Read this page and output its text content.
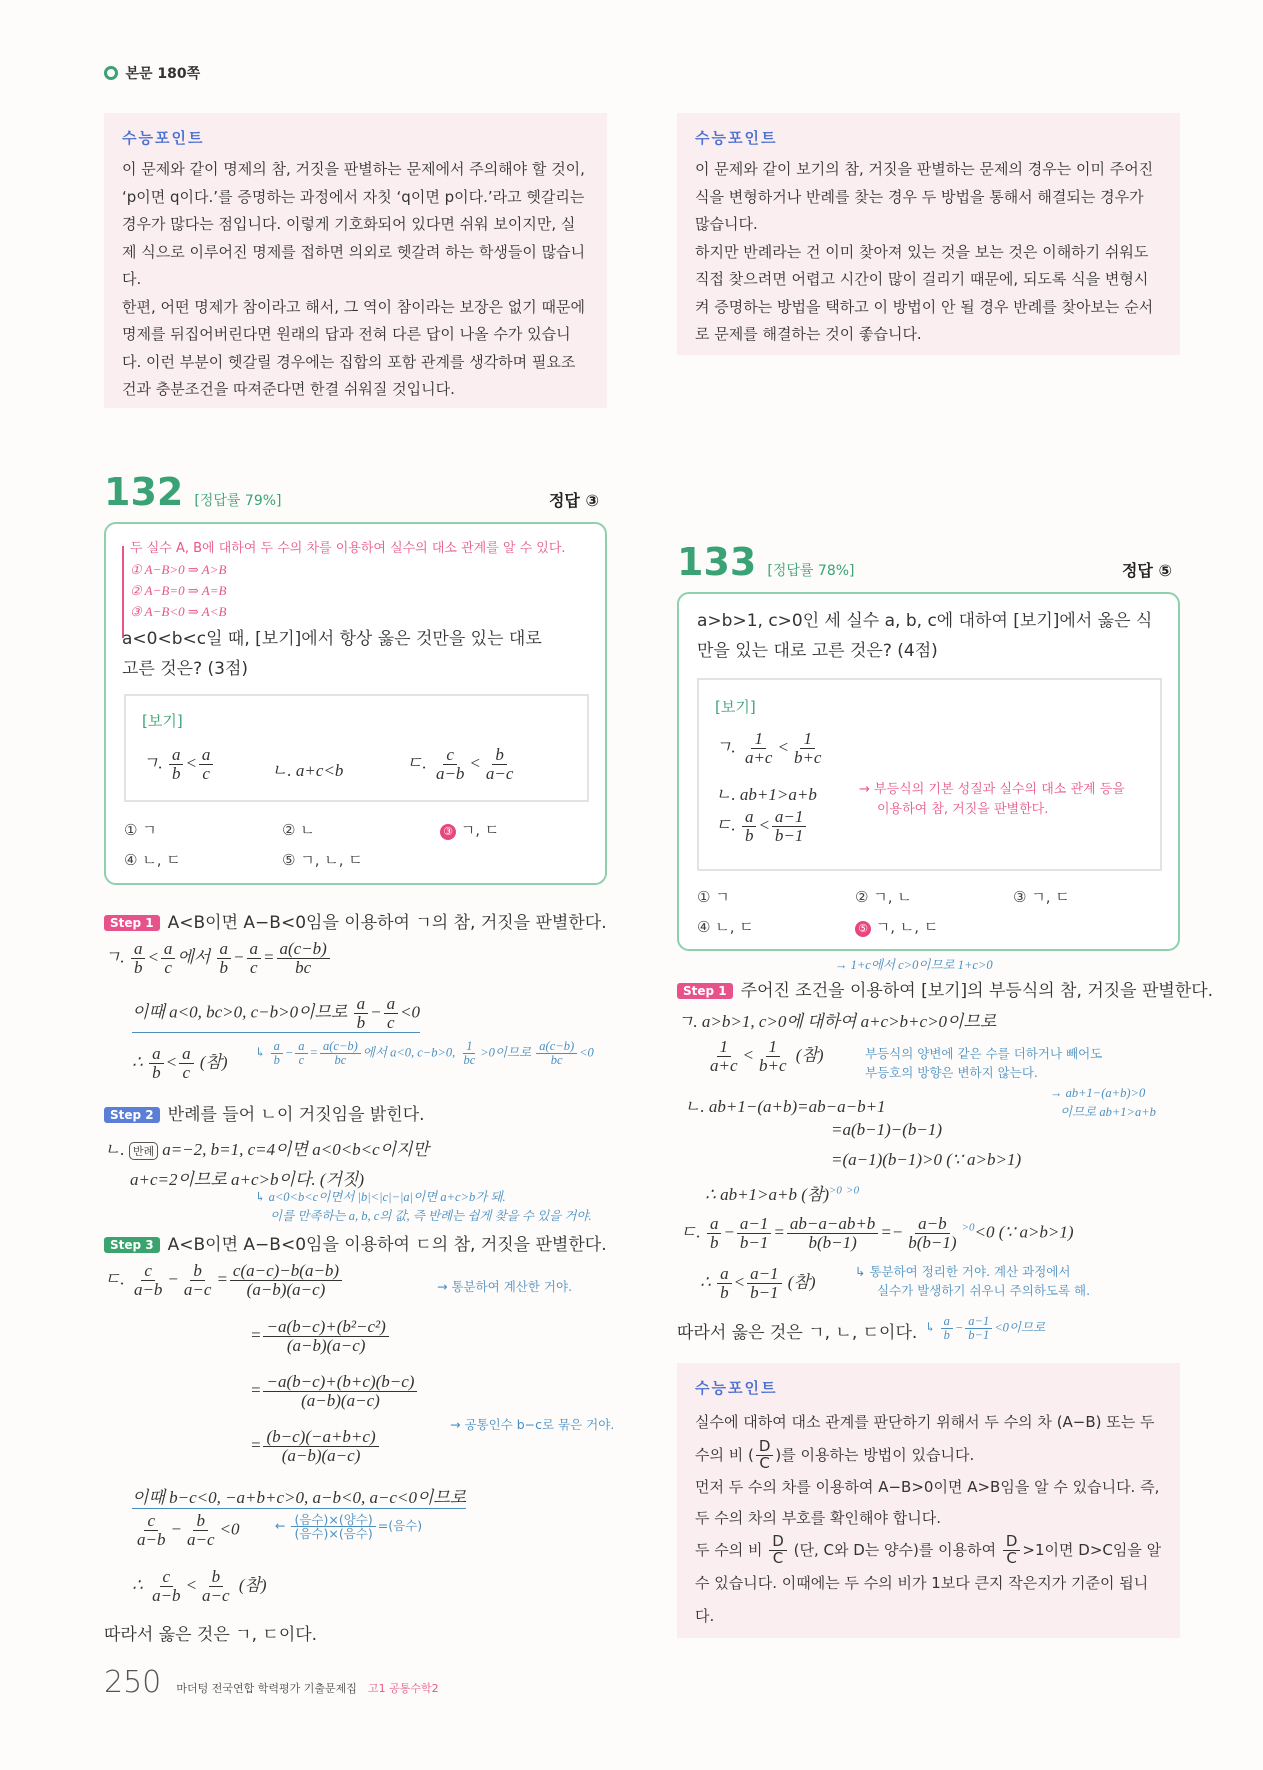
본문 180쪽
수능포인트

이 문제와 같이 명제의 참, 거짓을 판별하는 문제에서 주의해야 할 것이, ‘p이면 q이다.’를 증명하는 과정에서 자칫 ‘q이면 p이다.’라고 헷갈리는 경우가 많다는 점입니다. 이렇게 기호화되어 있다면 쉬워 보이지만, 실제 식으로 이루어진 명제를 접하면 의외로 헷갈려 하는 학생들이 많습니다.

한편, 어떤 명제가 참이라고 해서, 그 역이 참이라는 보장은 없기 때문에 명제를 뒤집어버린다면 원래의 답과 전혀 다른 답이 나올 수가 있습니다. 이런 부분이 헷갈릴 경우에는 집합의 포함 관계를 생각하며 필요조건과 충분조건을 따져준다면 한결 쉬워질 것입니다.

수능포인트

이 문제와 같이 보기의 참, 거짓을 판별하는 문제의 경우는 이미 주어진 식을 변형하거나 반례를 찾는 경우 두 방법을 통해서 해결되는 경우가 많습니다.

하지만 반례라는 건 이미 찾아져 있는 것을 보는 것은 이해하기 쉬워도 직접 찾으려면 어렵고 시간이 많이 걸리기 때문에, 되도록 식을 변형시켜 증명하는 방법을 택하고 이 방법이 안 될 경우 반례를 찾아보는 순서로 문제를 해결하는 것이 좋습니다.

132 [정답률 79%]	정답 ③
두 실수 A, B에 대하여 두 수의 차를 이용하여 실수의 대소 관계를 알 수 있다.
① A−B>0 ⇒ A>B
② A−B=0 ⇒ A=B
③ A−B<0 ⇒ A<B
a<0<b<c일 때, [보기]에서 항상 옳은 것만을 있는 대로 고른 것은? (3점)
[보기]
ㄱ. $\frac{a}{b} < \frac{a}{c}$	ㄴ. a+c<b	ㄷ. $\frac{c}{a-b} < \frac{b}{a-c}$
① ㄱ	② ㄴ	③ ㄱ, ㄷ
④ ㄴ, ㄷ	⑤ ㄱ, ㄴ, ㄷ
Step 1 A<B이면 A−B<0임을 이용하여 ㄱ의 참, 거짓을 판별한다.
ㄱ. $\frac{a}{b} < \frac{a}{c}$ 에서 $\frac{a}{b} - \frac{a}{c} = \frac{a(c-b)}{bc}$
이때 a<0, bc>0, c−b>0이므로 $\frac{a}{b} - \frac{a}{c} <0$
∴ $\frac{a}{b} < \frac{a}{c}$ (참) ↳ $\frac{a}{b} - \frac{a}{c} = \frac{a(c-b)}{bc}$ 에서 a<0, c−b>0, $\frac{1}{bc} >0$이므로 $\frac{a(c-b)}{bc} <0$
Step 2 반례를 들어 ㄴ이 거짓임을 밝힌다.
ㄴ. 반례 a=−2, b=1, c=4이면 a<0<b<c이지만
a+c=2이므로 a+c>b이다. (거짓)
↳ a<0<b<c이면서 |b|<|c|−|a|이면 a+c>b가 돼.
이를 만족하는 a, b, c의 값, 즉 반례는 쉽게 찾을 수 있을 거야.
Step 3 A<B이면 A−B<0임을 이용하여 ㄷ의 참, 거짓을 판별한다.
ㄷ. $\frac{c}{a-b} - \frac{b}{a-c} = \frac{c(a-c)-b(a-b)}{(a-b)(a-c)}$	→ 통분하여 계산한 거야.
= $\frac{\text{−a(b−c)+(b²−c²)}}{(a-b)(a-c)}$
= $\frac{-a(b-c)+(b+c)(b-c)}{(a-b)(a-c)}$
→ 공통인수 b−c로 묶은 거야.
= $\frac{(b-c)(-a+b+c)}{(a-b)(a-c)}$
이때 b−c<0, −a+b+c>0, a−b<0, a−c<0이므로
$\frac{c}{a-b} - \frac{b}{a-c} <0$	← $\frac{\text{(음수)×(양수)}}{\text{(음수)×(음수)}}$ =(음수)
∴ $\frac{c}{a-b} < \frac{b}{a-c}$ (참)
따라서 옳은 것은 ㄱ, ㄷ이다.
133 [정답률 78%]	정답 ⑤
a>b>1, c>0인 세 실수 a, b, c에 대하여 [보기]에서 옳은 식만을 있는 대로 고른 것은? (4점)
[보기]
ㄱ. $\frac{1}{a+c} < \frac{1}{b+c}$
ㄴ. ab+1>a+b
ㄷ. $\frac{a}{b} < \frac{a-1}{b-1}$
→ 부등식의 기본 성질과 실수의 대소 관계 등을
이용하여 참, 거짓을 판별한다.
① ㄱ	② ㄱ, ㄴ	③ ㄱ, ㄷ
④ ㄴ, ㄷ	⑤ ㄱ, ㄴ, ㄷ
→ 1+c에서 c>0이므로 1+c>0
Step 1 주어진 조건을 이용하여 [보기]의 부등식의 참, 거짓을 판별한다.
ㄱ. a>b>1, c>0에 대하여 a+c>b+c>0이므로
$\frac{1}{a+c} < \frac{1}{b+c}$ (참)	부등식의 양변에 같은 수를 더하거나 빼어도
부등호의 방향은 변하지 않는다.
ㄴ. ab+1−(a+b)=ab−a−b+1
→ ab+1−(a+b)>0
이므로 ab+1>a+b
=a(b−1)−(b−1)
=(a−1)(b−1)>0 (∵ a>b>1)
∴ ab+1>a+b (참)$^{>0}$ $^{>0}$
ㄷ. $\frac{a}{b} - \frac{a-1}{b-1} = \frac{ab-a-ab+b}{b(b-1)} =- \frac{a-b}{b(b-1)} ^{>0}<0$ (∵ a>b>1)
↳ 통분하여 정리한 거야. 계산 과정에서
실수가 발생하기 쉬우니 주의하도록 해.
∴ $\frac{a}{b} < \frac{a-1}{b-1}$ (참)
따라서 옳은 것은 ㄱ, ㄴ, ㄷ이다. ↳ $\frac{a}{b} - \frac{a-1}{b-1} <0$이므로
수능포인트

실수에 대하여 대소 관계를 판단하기 위해서 두 수의 차 (A−B) 또는 두 수의 비 ( $\frac{D}{C}$ )를 이용하는 방법이 있습니다.

먼저 두 수의 차를 이용하여 A−B>0이면 A>B임을 알 수 있습니다. 즉, 두 수의 차의 부호를 확인해야 합니다.

두 수의 비 $\frac{D}{C}$ (단, C와 D는 양수)를 이용하여 $\frac{D}{C} >1$이면 D>C임을 알 수 있습니다. 이때에는 두 수의 비가 1보다 큰지 작은지가 기준이 됩니다.

250 마더텅 전국연합 학력평가 기출문제집 고1 공통수학2
